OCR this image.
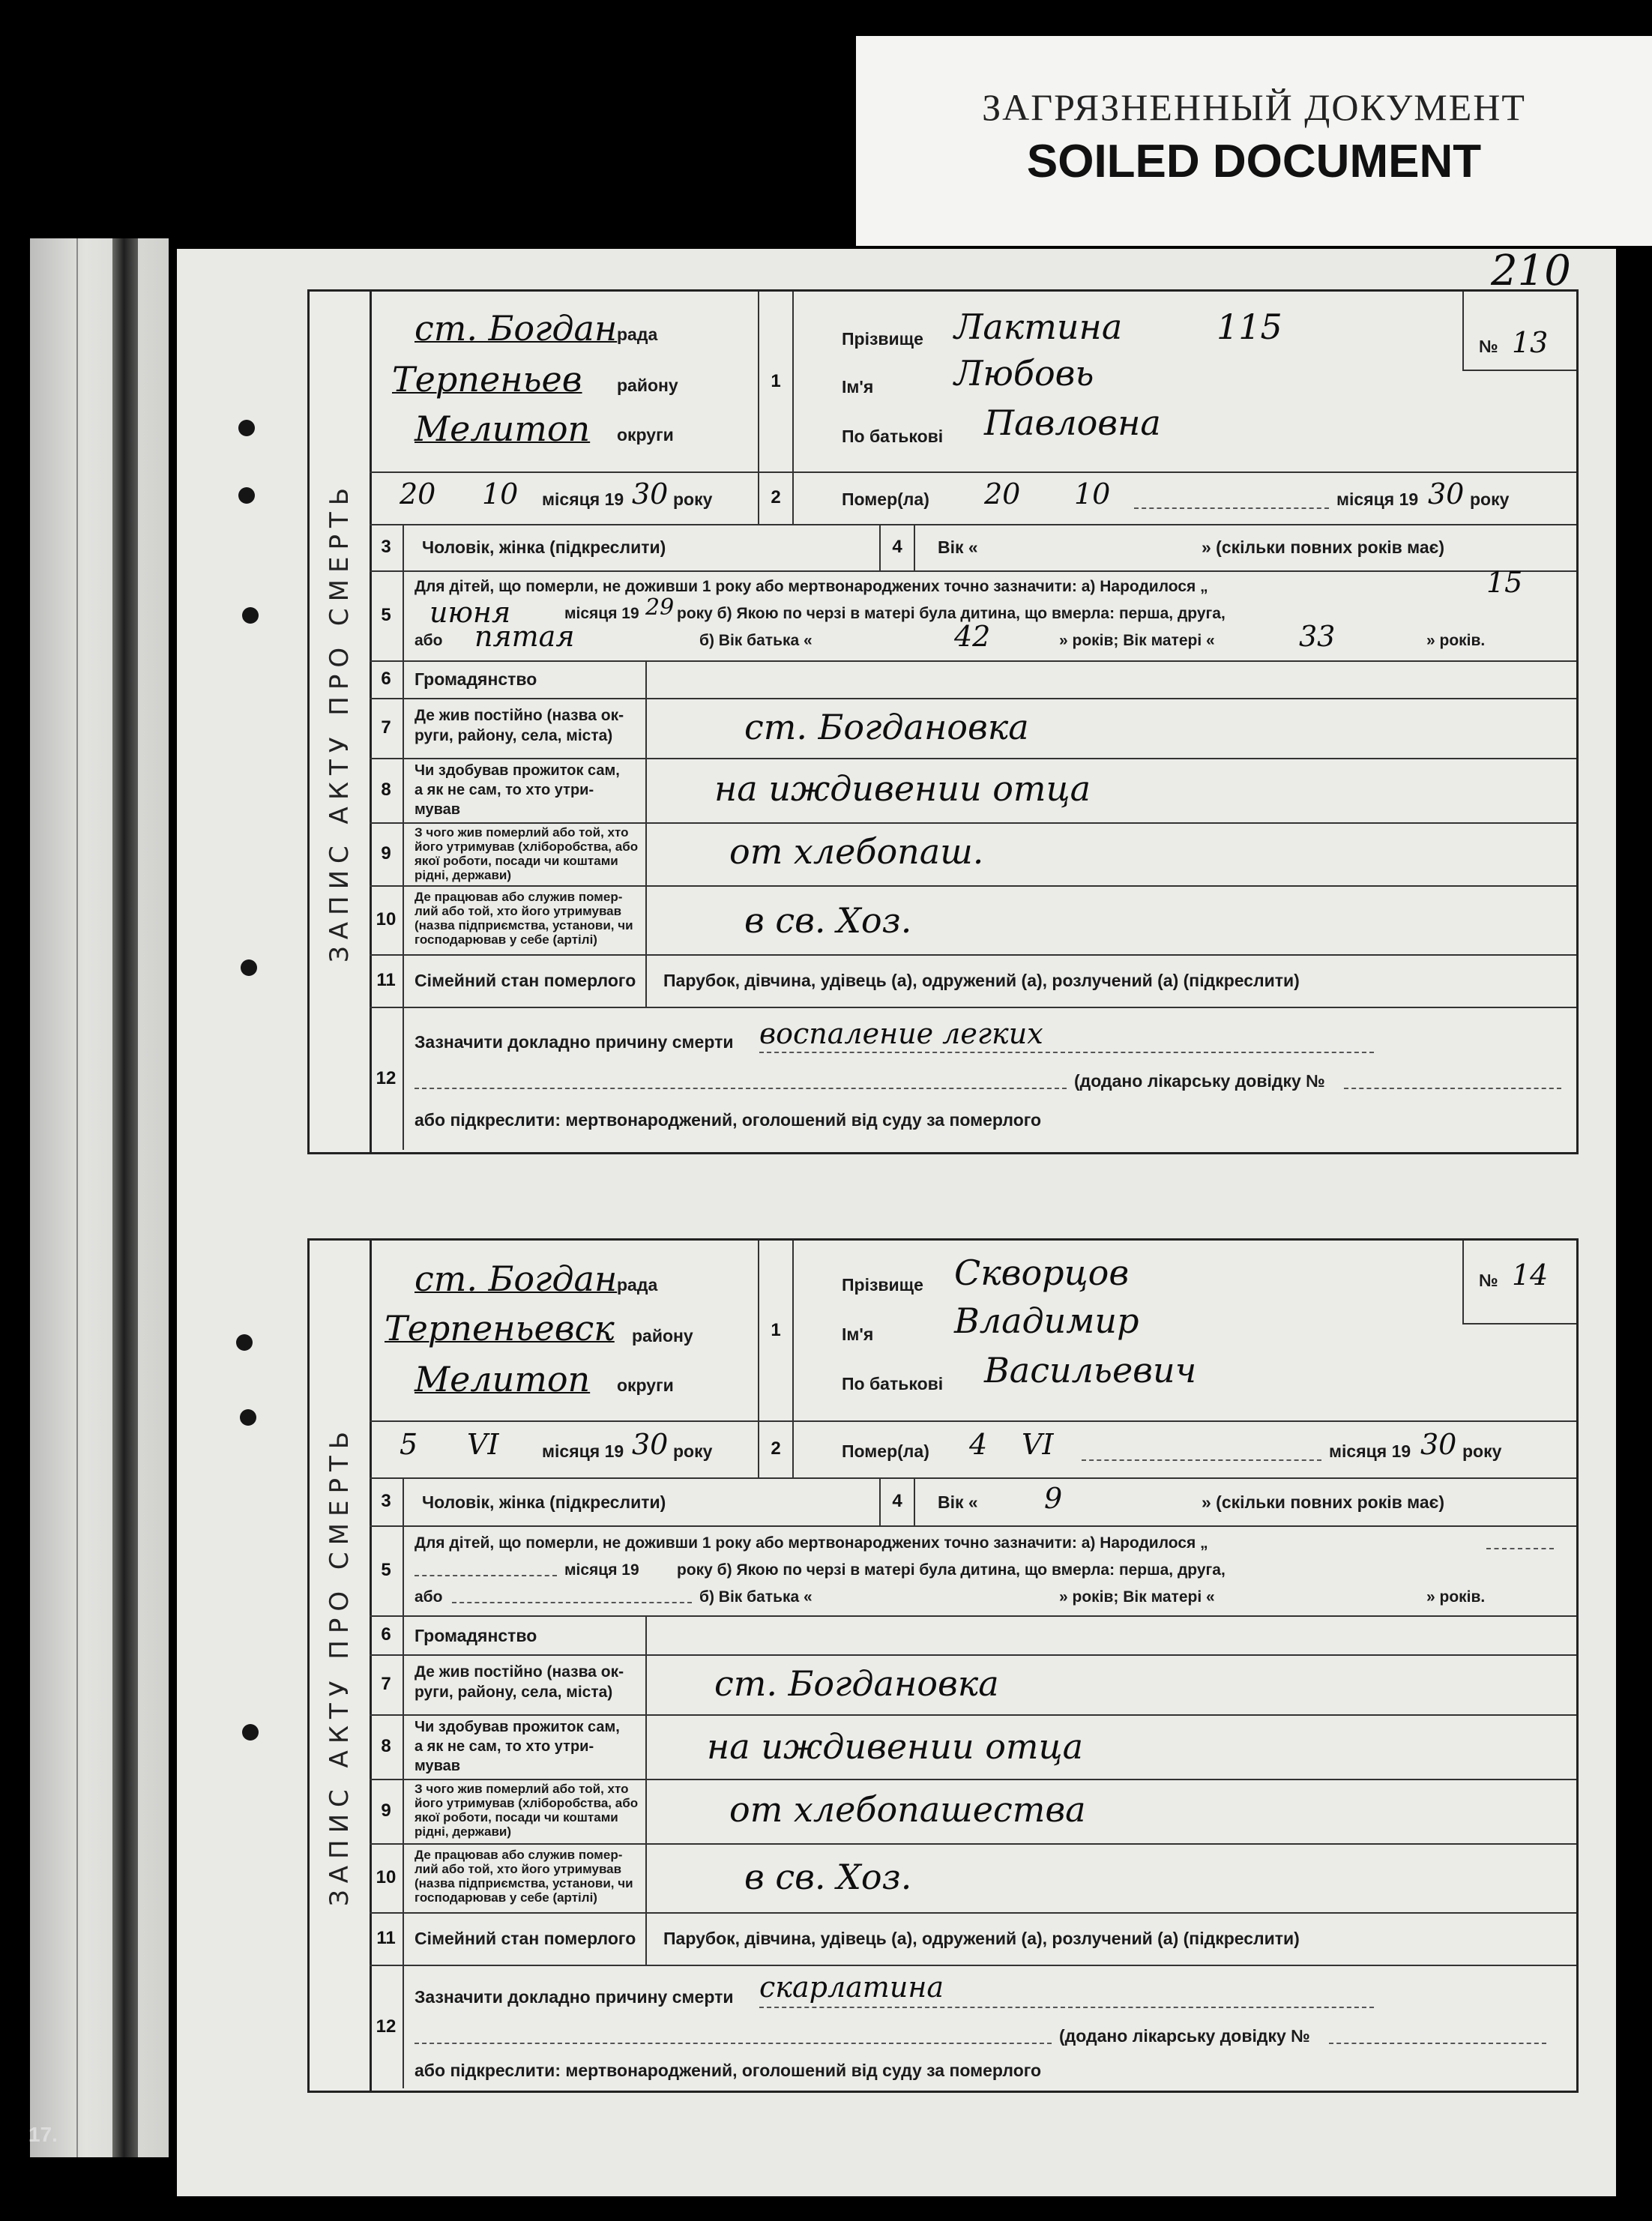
ЗАГРЯЗНЕННЫЙ ДОКУМЕНТ
SOILED DOCUMENT
17.
ЗАПИС АКТУ ПРО СМЕРТЬ
ст. Богдан рада
Терпеньев району
Мелитоп округи
1
Прізвище Лактина	115
Ім'я Любовь
По батькові Павловна
210
№ 13
20 10 місяця 19 30 року	2	Помер(ла) 20 10	місяця 19 30 року
3	Чоловік, жінка (підкреслити)	4	Вік «	» (скільки повних років має)
5
Для дітей, що померли, не доживши 1 року або мертвонароджених точно зазначити: а) Народилося „	15
июня	місяця 19 29 року б) Якою по черзі в матері була дитина, що вмерла: перша, друга,
або пятая	б) Вік батька «	42	» років; Вік матері «	33	» років.
6	Громадянство
7
Де жив постійно (назва ок-
руги, району, села, міста)	ст. Богдановка
8
Чи здобував прожиток сам,
а як не сам, то хто утри-
мував
на иждивении отца
9
З чого жив померлий або той, хто
його утримував (хліборобства, або
якої роботи, посади чи коштами
рідні, держави)
от хлебопаш.
10
Де працював або служив помер-
лий або той, хто його утримував
(назва підприємства, установи, чи
господарював у себе (артілі)	в св. Хоз.
11	Сімейний стан померлого Парубок, дівчина, удівець (а), одружений (а), розлучений (а) (підкреслити)
12
Зазначити докладно причину смерти воспаление легких
(додано лікарську довідку №
або підкреслити: мертвонароджений, оголошений від суду за померлого
ЗАПИС АКТУ ПРО СМЕРТЬ
ст. Богдан рада
Терпеньевск району
Мелитоп округи
1
Прізвище Скворцов
Ім'я Владимир
По батькові Васильевич
№ 14
5 VI	місяця 19 30 року	2	Помер(ла) 4 VI	місяця 19 30 року
3	Чоловік, жінка (підкреслити)	4	Вік « 9	» (скільки повних років має)
5
Для дітей, що померли, не доживши 1 року або мертвонароджених точно зазначити: а) Народилося „
місяця 19 року б) Якою по черзі в матері була дитина, що вмерла: перша, друга,
або	б) Вік батька «	» років; Вік матері «	» років.
6	Громадянство
7
Де жив постійно (назва ок-
руги, району, села, міста)	ст. Богдановка
8
Чи здобував прожиток сам,
а як не сам, то хто утри-
мував	на иждивении отца
9
З чого жив померлий або той, хто
його утримував (хліборобства, або
якої роботи, посади чи коштами
рідні, держави)
от хлебопашества
10
Де працював або служив помер-
лий або той, хто його утримував
(назва підприємства, установи, чи
господарював у себе (артілі)
в св. Хоз.
11	Сімейний стан померлого Парубок, дівчина, удівець (а), одружений (а), розлучений (а) (підкреслити)
12
Зазначити докладно причину смерти скарлатина
(додано лікарську довідку №
або підкреслити: мертвонароджений, оголошений від суду за померлого
